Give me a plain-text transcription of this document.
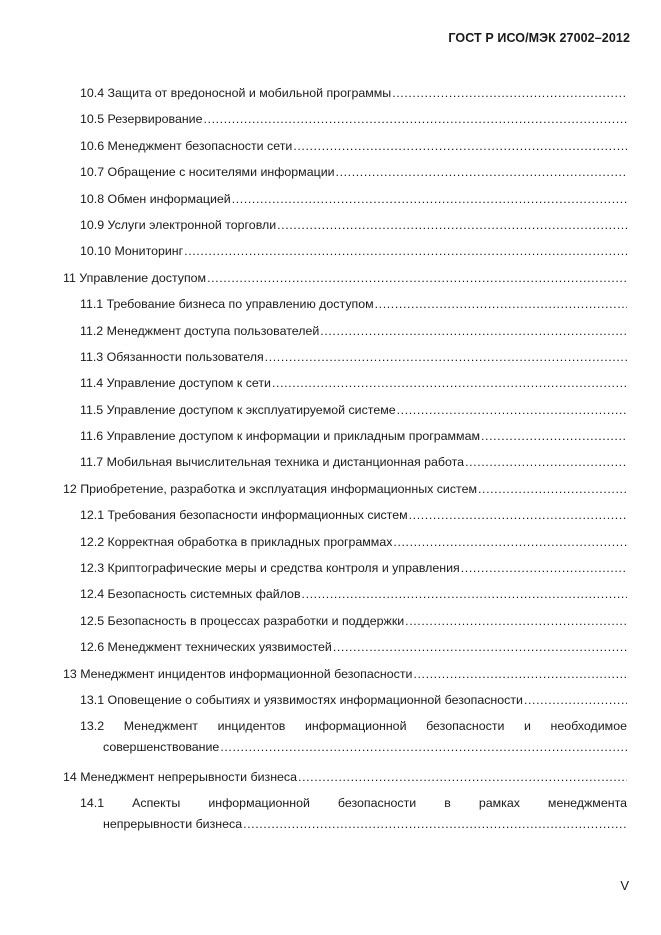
ГОСТ Р ИСО/МЭК 27002–2012
10.4 Защита от вредоносной и мобильной программы
.....
10.5 Резервирование
.....
10.6 Менеджмент безопасности сети
.....
10.7 Обращение с носителями информации
.....
10.8 Обмен информацией
.....
10.9 Услуги электронной торговли
.....
10.10 Мониторинг
.....
11 Управление доступом
.....
11.1 Требование бизнеса по управлению доступом
.....
11.2 Менеджмент доступа пользователей
.....
11.3 Обязанности пользователя
.....
11.4 Управление доступом к сети
.....
11.5 Управление доступом к эксплуатируемой системе
.....
11.6 Управление доступом к информации и прикладным программам
.....
11.7 Мобильная вычислительная техника и дистанционная работа
.....
12 Приобретение, разработка и эксплуатация информационных систем
.....
12.1 Требования безопасности информационных систем
.....
12.2 Корректная обработка в прикладных программах
.....
12.3 Криптографические меры и средства контроля и управления
.....
12.4 Безопасность системных файлов
.....
12.5 Безопасность в процессах разработки и поддержки
.....
12.6 Менеджмент технических уязвимостей
.....
13 Менеджмент инцидентов информационной безопасности
.....
13.1 Оповещение о событиях и уязвимостях информационной безопасности
.....
13.2 Менеджмент инцидентов информационной безопасности и необходимое
совершенствование
.....
14 Менеджмент непрерывности бизнеса
.....
14.1 Аспекты информационной безопасности в рамках менеджмента
непрерывности бизнеса
.....
V
